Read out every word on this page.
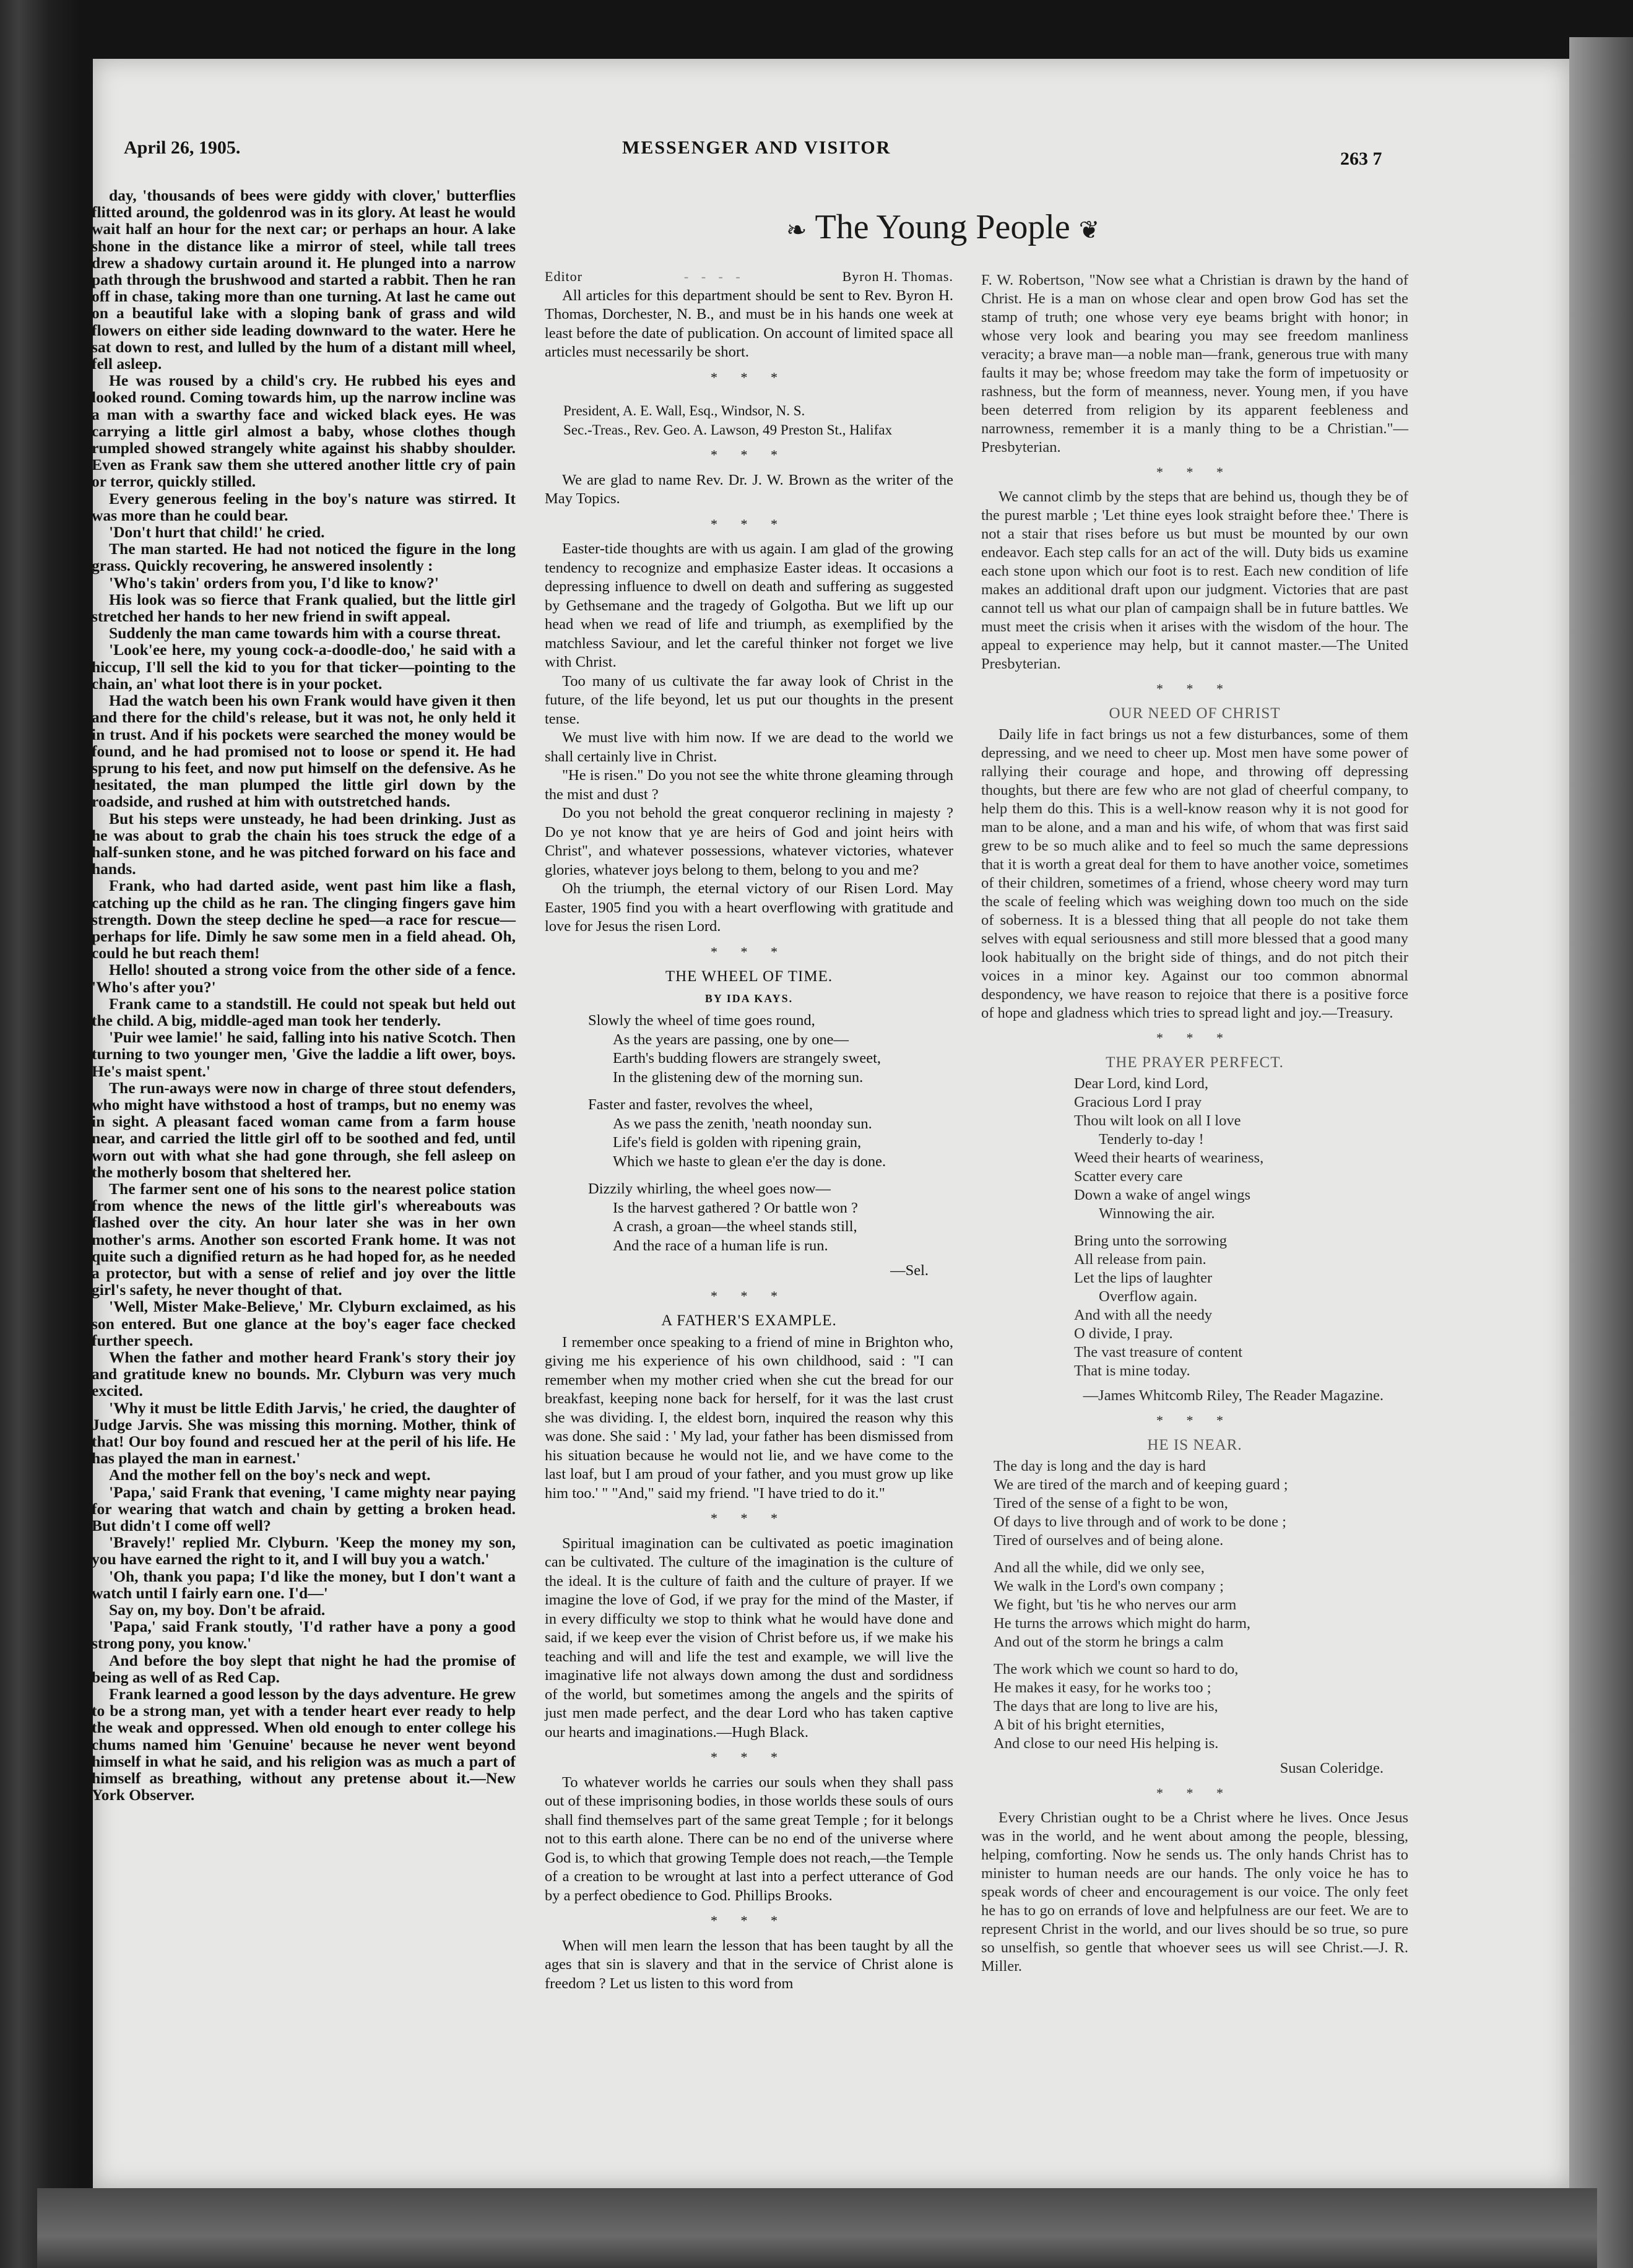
April 26, 1905.	MESSENGER AND VISITOR
263 7
❧ The Young People ❦

day, 'thousands of bees were giddy with clover,' butterflies flitted around, the goldenrod was in its glory. At least he would wait half an hour for the next car; or perhaps an hour. A lake shone in the distance like a mirror of steel, while tall trees drew a shadowy curtain around it. He plunged into a narrow path through the brushwood and started a rabbit. Then he ran off in chase, taking more than one turning. At last he came out on a beautiful lake with a sloping bank of grass and wild flowers on either side leading downward to the water. Here he sat down to rest, and lulled by the hum of a distant mill wheel, fell asleep.

He was roused by a child's cry. He rubbed his eyes and looked round. Coming towards him, up the narrow incline was a man with a swarthy face and wicked black eyes. He was carrying a little girl almost a baby, whose clothes though rumpled showed strangely white against his shabby shoulder. Even as Frank saw them she uttered another little cry of pain or terror, quickly stilled.

Every generous feeling in the boy's nature was stirred. It was more than he could bear.

'Don't hurt that child!' he cried.

The man started. He had not noticed the figure in the long grass. Quickly recovering, he answered insolently :

'Who's takin' orders from you, I'd like to know?'

His look was so fierce that Frank qualied, but the little girl stretched her hands to her new friend in swift appeal.

Suddenly the man came towards him with a course threat.

'Look'ee here, my young cock-a-doodle-doo,' he said with a hiccup, I'll sell the kid to you for that ticker—pointing to the chain, an' what loot there is in your pocket.

Had the watch been his own Frank would have given it then and there for the child's release, but it was not, he only held it in trust. And if his pockets were searched the money would be found, and he had promised not to loose or spend it. He had sprung to his feet, and now put himself on the defensive. As he hesitated, the man plumped the little girl down by the roadside, and rushed at him with outstretched hands.

But his steps were unsteady, he had been drinking. Just as he was about to grab the chain his toes struck the edge of a half-sunken stone, and he was pitched forward on his face and hands.

Frank, who had darted aside, went past him like a flash, catching up the child as he ran. The clinging fingers gave him strength. Down the steep decline he sped—a race for rescue—perhaps for life. Dimly he saw some men in a field ahead. Oh, could he but reach them!

Hello! shouted a strong voice from the other side of a fence. 'Who's after you?'

Frank came to a standstill. He could not speak but held out the child. A big, middle-aged man took her tenderly.

'Puir wee lamie!' he said, falling into his native Scotch. Then turning to two younger men, 'Give the laddie a lift ower, boys. He's maist spent.'

The run-aways were now in charge of three stout defenders, who might have withstood a host of tramps, but no enemy was in sight. A pleasant faced woman came from a farm house near, and carried the little girl off to be soothed and fed, until worn out with what she had gone through, she fell asleep on the motherly bosom that sheltered her.

The farmer sent one of his sons to the nearest police station from whence the news of the little girl's whereabouts was flashed over the city. An hour later she was in her own mother's arms. Another son escorted Frank home. It was not quite such a dignified return as he had hoped for, as he needed a protector, but with a sense of relief and joy over the little girl's safety, he never thought of that.

'Well, Mister Make-Believe,' Mr. Clyburn exclaimed, as his son entered. But one glance at the boy's eager face checked further speech.

When the father and mother heard Frank's story their joy and gratitude knew no bounds. Mr. Clyburn was very much excited.

'Why it must be little Edith Jarvis,' he cried, the daughter of Judge Jarvis. She was missing this morning. Mother, think of that! Our boy found and rescued her at the peril of his life. He has played the man in earnest.'

And the mother fell on the boy's neck and wept.

'Papa,' said Frank that evening, 'I came mighty near paying for wearing that watch and chain by getting a broken head. But didn't I come off well?

'Bravely!' replied Mr. Clyburn. 'Keep the money my son, you have earned the right to it, and I will buy you a watch.'

'Oh, thank you papa; I'd like the money, but I don't want a watch until I fairly earn one. I'd—'

Say on, my boy. Don't be afraid.

'Papa,' said Frank stoutly, 'I'd rather have a pony a good strong pony, you know.'

And before the boy slept that night he had the promise of being as well of as Red Cap.

Frank learned a good lesson by the days adventure. He grew to be a strong man, yet with a tender heart ever ready to help the weak and oppressed. When old enough to enter college his chums named him 'Genuine' because he never went beyond himself in what he said, and his religion was as much a part of himself as breathing, without any pretense about it.—New York Observer.

Editor	-   -   -   -	Byron H. Thomas.

All articles for this department should be sent to Rev. Byron H. Thomas, Dorchester, N. B., and must be in his hands one week at least before the date of publication. On account of limited space all articles must necessarily be short.

* * *
President, A. E. Wall, Esq., Windsor, N. S.
Sec.-Treas., Rev. Geo. A. Lawson, 49 Preston St., Halifax
* * *

We are glad to name Rev. Dr. J. W. Brown as the writer of the May Topics.

* * *

Easter-tide thoughts are with us again. I am glad of the growing tendency to recognize and emphasize Easter ideas. It occasions a depressing influence to dwell on death and suffering as suggested by Gethsemane and the tragedy of Golgotha. But we lift up our head when we read of life and triumph, as exemplified by the matchless Saviour, and let the careful thinker not forget we live with Christ.

Too many of us cultivate the far away look of Christ in the future, of the life beyond, let us put our thoughts in the present tense.

We must live with him now. If we are dead to the world we shall certainly live in Christ.

"He is risen." Do you not see the white throne gleaming through the mist and dust ?

Do you not behold the great conqueror reclining in majesty ? Do ye not know that ye are heirs of God and joint heirs with Christ", and whatever possessions, whatever victories, whatever glories, whatever joys belong to them, belong to you and me?

Oh the triumph, the eternal victory of our Risen Lord. May Easter, 1905 find you with a heart overflowing with gratitude and love for Jesus the risen Lord.

* * *
THE WHEEL OF TIME.
BY IDA KAYS.
Slowly the wheel of time goes round,
As the years are passing, one by one—
Earth's budding flowers are strangely sweet,
In the glistening dew of the morning sun.
Faster and faster, revolves the wheel,
As we pass the zenith, 'neath noonday sun.
Life's field is golden with ripening grain,
Which we haste to glean e'er the day is done.
Dizzily whirling, the wheel goes now—
Is the harvest gathered ? Or battle won ?
A crash, a groan—the wheel stands still,
And the race of a human life is run.
—Sel.
* * *
A FATHER'S EXAMPLE.

I remember once speaking to a friend of mine in Brighton who, giving me his experience of his own childhood, said : "I can remember when my mother cried when she cut the bread for our breakfast, keeping none back for herself, for it was the last crust she was dividing. I, the eldest born, inquired the reason why this was done. She said : ' My lad, your father has been dismissed from his situation because he would not lie, and we have come to the last loaf, but I am proud of your father, and you must grow up like him too.' " "And," said my friend. "I have tried to do it."

* * *

Spiritual imagination can be cultivated as poetic imagination can be cultivated. The culture of the imagination is the culture of the ideal. It is the culture of faith and the culture of prayer. If we imagine the love of God, if we pray for the mind of the Master, if in every difficulty we stop to think what he would have done and said, if we keep ever the vision of Christ before us, if we make his teaching and will and life the test and example, we will live the imaginative life not always down among the dust and sordidness of the world, but sometimes among the angels and the spirits of just men made perfect, and the dear Lord who has taken captive our hearts and imaginations.—Hugh Black.

* * *

To whatever worlds he carries our souls when they shall pass out of these imprisoning bodies, in those worlds these souls of ours shall find themselves part of the same great Temple ; for it belongs not to this earth alone. There can be no end of the universe where God is, to which that growing Temple does not reach,—the Temple of a creation to be wrought at last into a perfect utterance of God by a perfect obedience to God. Phillips Brooks.

* * *

When will men learn the lesson that has been taught by all the ages that sin is slavery and that in the service of Christ alone is freedom ? Let us listen to this word from

F. W. Robertson, "Now see what a Christian is drawn by the hand of Christ. He is a man on whose clear and open brow God has set the stamp of truth; one whose very eye beams bright with honor; in whose very look and bearing you may see freedom manliness veracity; a brave man—a noble man—frank, generous true with many faults it may be; whose freedom may take the form of impetuosity or rashness, but the form of meanness, never. Young men, if you have been deterred from religion by its apparent feebleness and narrowness, remember it is a manly thing to be a Christian."—Presbyterian.

* * *

We cannot climb by the steps that are behind us, though they be of the purest marble ; 'Let thine eyes look straight before thee.' There is not a stair that rises before us but must be mounted by our own endeavor. Each step calls for an act of the will. Duty bids us examine each stone upon which our foot is to rest. Each new condition of life makes an additional draft upon our judgment. Victories that are past cannot tell us what our plan of campaign shall be in future battles. We must meet the crisis when it arises with the wisdom of the hour. The appeal to experience may help, but it cannot master.—The United Presbyterian.

* * *
OUR NEED OF CHRIST

Daily life in fact brings us not a few disturbances, some of them depressing, and we need to cheer up. Most men have some power of rallying their courage and hope, and throwing off depressing thoughts, but there are few who are not glad of cheerful company, to help them do this. This is a well-know reason why it is not good for man to be alone, and a man and his wife, of whom that was first said grew to be so much alike and to feel so much the same depressions that it is worth a great deal for them to have another voice, sometimes of their children, sometimes of a friend, whose cheery word may turn the scale of feeling which was weighing down too much on the side of soberness. It is a blessed thing that all people do not take them selves with equal seriousness and still more blessed that a good many look habitually on the bright side of things, and do not pitch their voices in a minor key. Against our too common abnormal despondency, we have reason to rejoice that there is a positive force of hope and gladness which tries to spread light and joy.—Treasury.

* * *
THE PRAYER PERFECT.
Dear Lord, kind Lord,
Gracious Lord I pray
Thou wilt look on all I love
Tenderly to-day !
Weed their hearts of weariness,
Scatter every care
Down a wake of angel wings
Winnowing the air.
Bring unto the sorrowing
All release from pain.
Let the lips of laughter
Overflow again.
And with all the needy
O divide, I pray.
The vast treasure of content
That is mine today.
—James Whitcomb Riley, The Reader Magazine.
* * *
HE IS NEAR.
The day is long and the day is hard
We are tired of the march and of keeping guard ;
Tired of the sense of a fight to be won,
Of days to live through and of work to be done ;
Tired of ourselves and of being alone.
And all the while, did we only see,
We walk in the Lord's own company ;
We fight, but 'tis he who nerves our arm
He turns the arrows which might do harm,
And out of the storm he brings a calm
The work which we count so hard to do,
He makes it easy, for he works too ;
The days that are long to live are his,
A bit of his bright eternities,
And close to our need His helping is.
Susan Coleridge.
* * *

Every Christian ought to be a Christ where he lives. Once Jesus was in the world, and he went about among the people, blessing, helping, comforting. Now he sends us. The only hands Christ has to minister to human needs are our hands. The only voice he has to speak words of cheer and encouragement is our voice. The only feet he has to go on errands of love and helpfulness are our feet. We are to represent Christ in the world, and our lives should be so true, so pure so unselfish, so gentle that whoever sees us will see Christ.—J. R. Miller.
